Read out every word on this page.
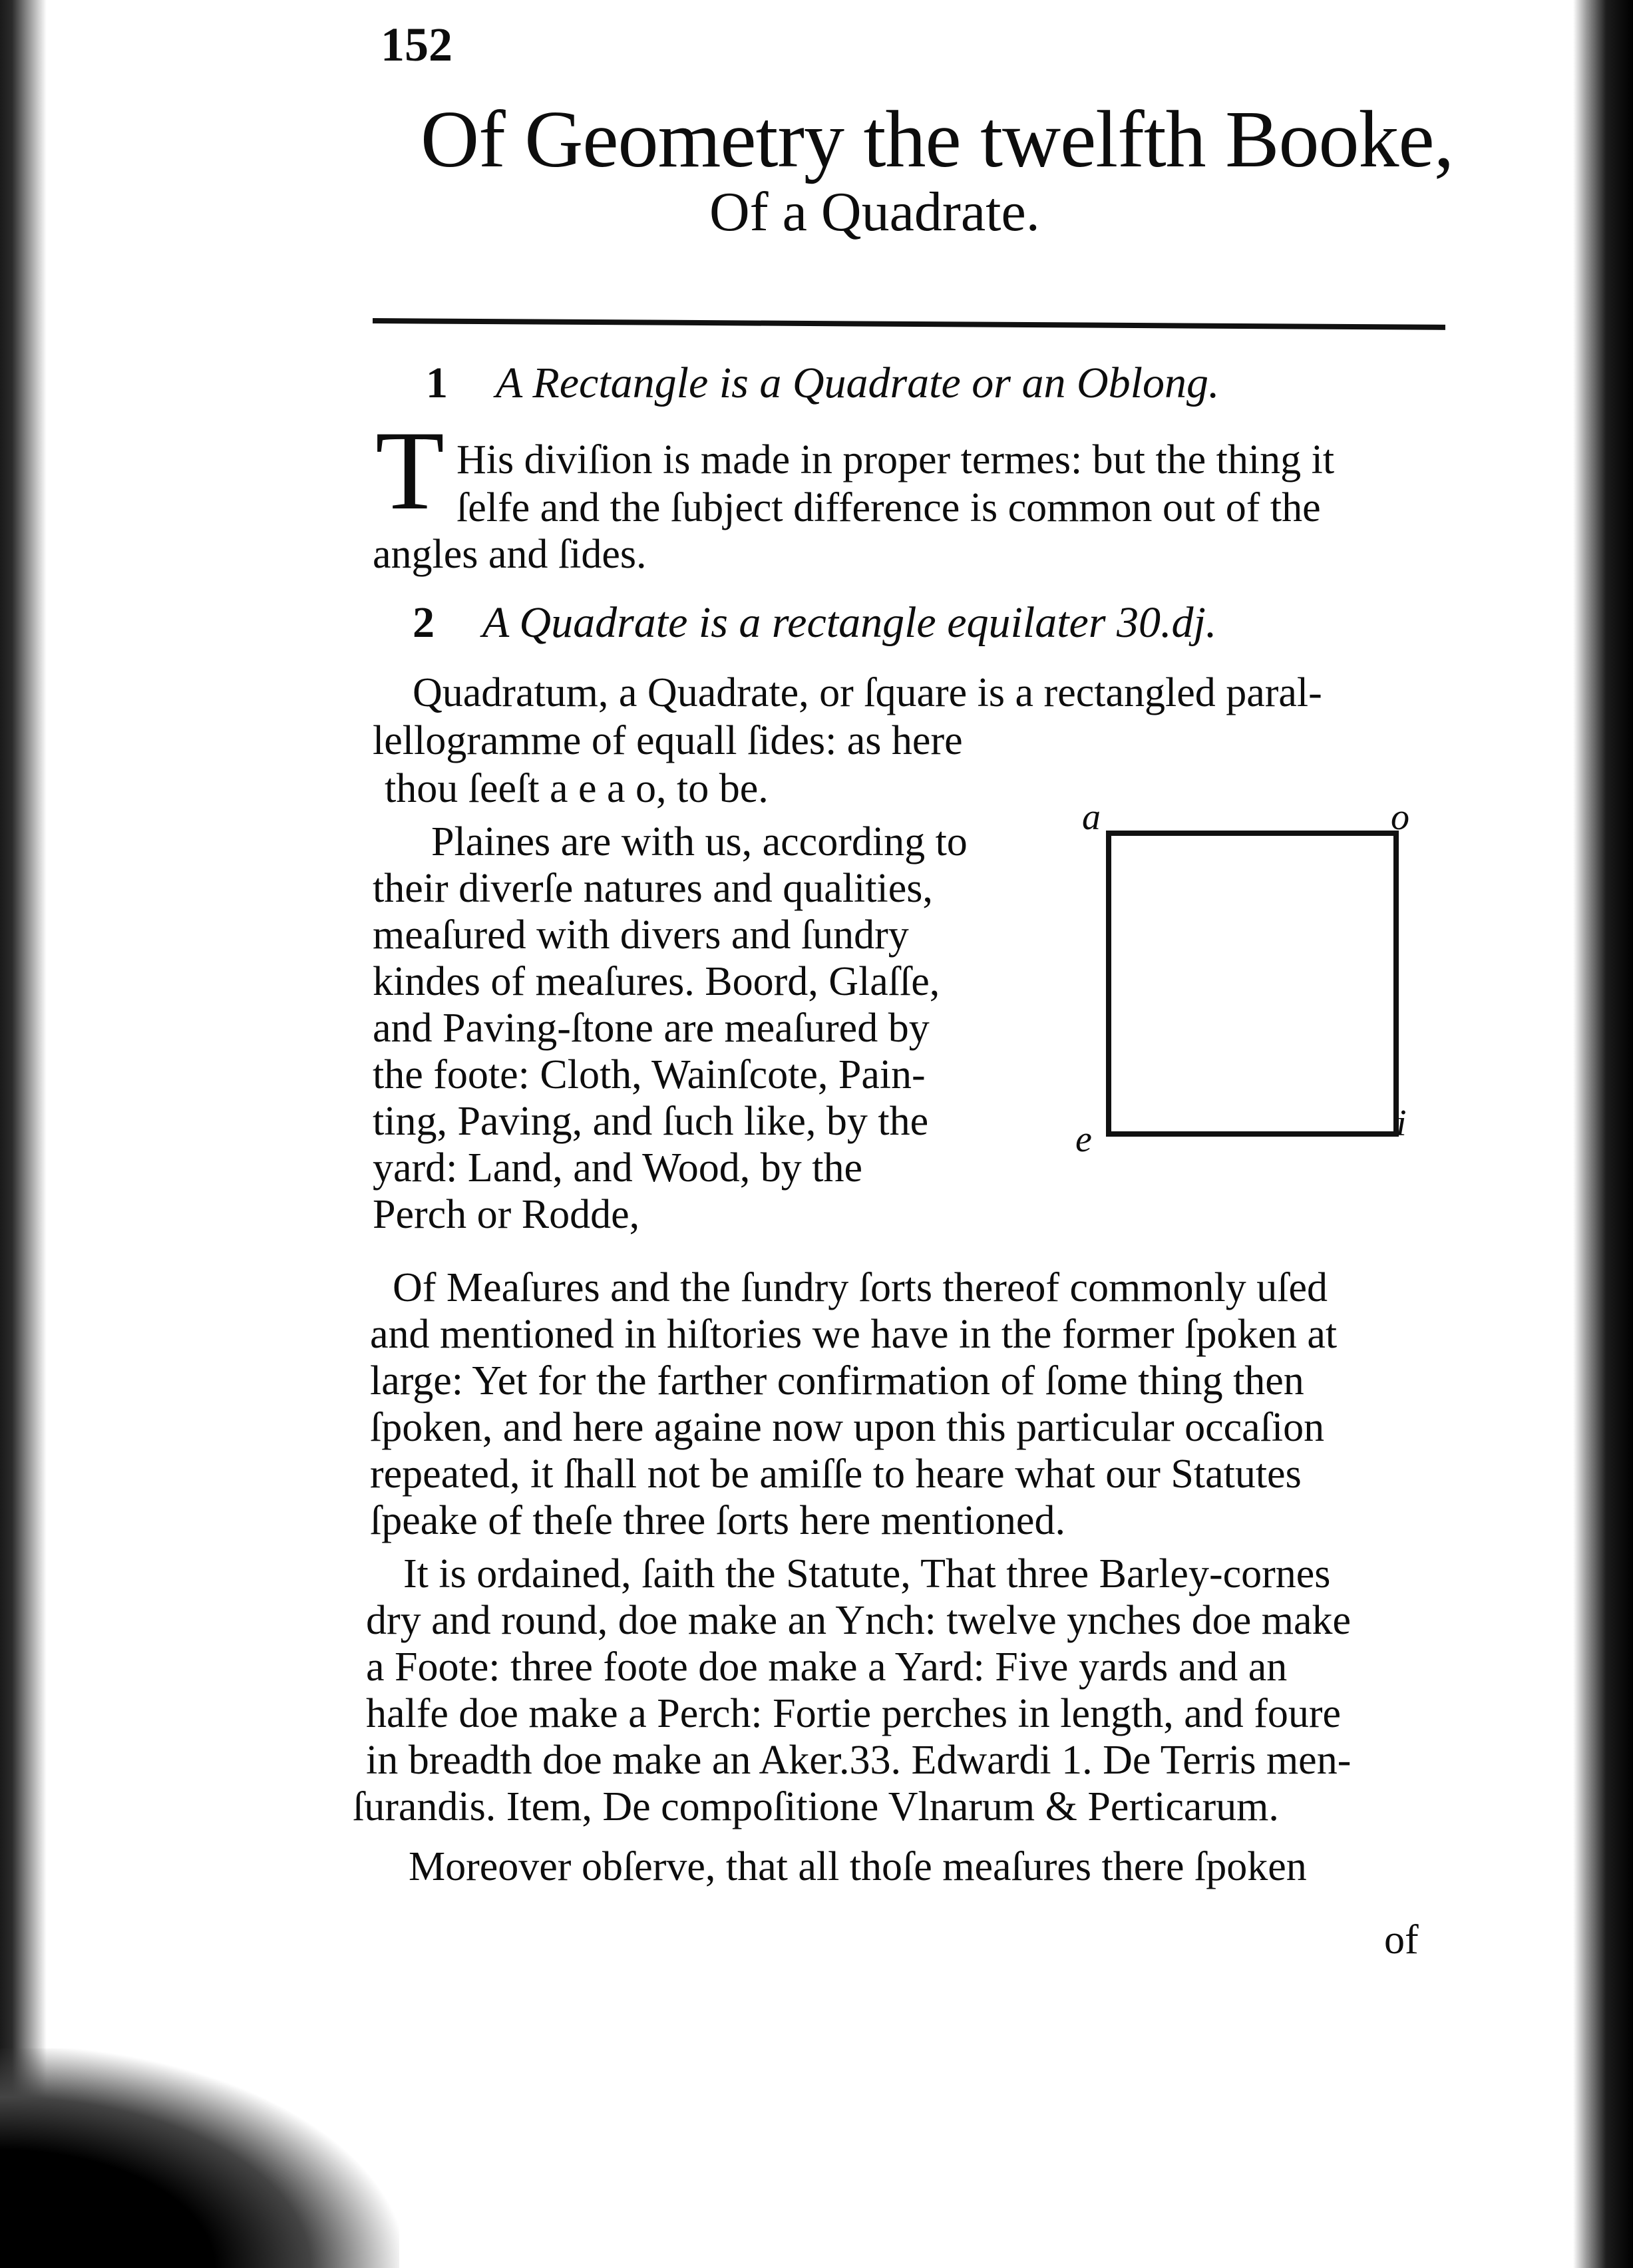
152
Of Geometry the twelfth Booke,
Of a Quadrate.
1 A Rectangle is a Quadrate or an Oblong.
T His diviſion is made in proper termes: but the thing it
ſelfe and the ſubject difference is common out of the
angles and ſides.
2 A Quadrate is a rectangle equilater 30.dj.
Quadratum, a Quadrate, or ſquare is a rectangled paral-
lellogramme of equall ſides: as here
thou ſeeſt a e a o, to be.
Plaines are with us, according to
their diverſe natures and qualities,
meaſured with divers and ſundry
kindes of meaſures. Boord, Glaſſe,
and Paving-ſtone are meaſured by
the foote: Cloth, Wainſcote, Pain-
ting, Paving, and ſuch like, by the
yard: Land, and Wood, by the
Perch or Rodde,
a	o
e	i
Of Meaſures and the ſundry ſorts thereof commonly uſed
and mentioned in hiſtories we have in the former ſpoken at
large: Yet for the farther confirmation of ſome thing then
ſpoken, and here againe now upon this particular occaſion
repeated, it ſhall not be amiſſe to heare what our Statutes
ſpeake of theſe three ſorts here mentioned.
It is ordained, ſaith the Statute, That three Barley-cornes
dry and round, doe make an Ynch: twelve ynches doe make
a Foote: three foote doe make a Yard: Five yards and an
halfe doe make a Perch: Fortie perches in length, and foure
in breadth doe make an Aker.33. Edwardi 1. De Terris men-
ſurandis. Item, De compoſitione Vlnarum & Perticarum.
Moreover obſerve, that all thoſe meaſures there ſpoken
of
